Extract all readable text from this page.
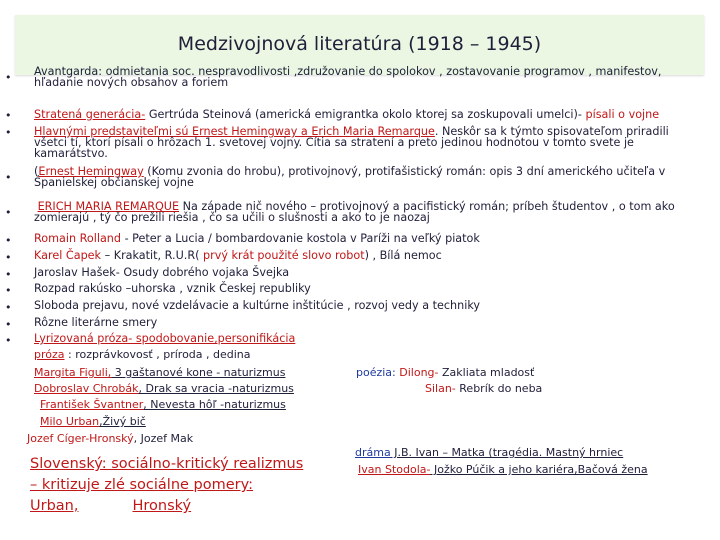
Medzivojnová literatúra (1918 – 1945)
• Avantgarda: odmietania soc. nespravodlivosti ,združovanie do spolokov , zostavovanie programov , manifestov,
hľadanie nových obsahov a foriem
• Stratená generácia- Gertrúda Steinová (americká emigrantka okolo ktorej sa zoskupovali umelci)- písali o vojne
• Hlavnými predstaviteľmi sú Ernest Hemingway a Erich Maria Remarque. Neskôr sa k týmto spisovateľom priradili
všetci tí, ktorí písali o hrôzach 1. svetovej vojny. Cítia sa stratení a preto jedinou hodnotou v tomto svete je
kamarátstvo.
• (Ernest Hemingway (Komu zvonia do hrobu), protivojnový, protifašistický román: opis 3 dní amerického učiteľa v
Španielskej občianskej vojne
•	ERICH MARIA REMARQUE Na západe nič nového – protivojnový a pacifistický román; príbeh študentov , o tom ako
zomierajú , tý čo prežili riešia , čo sa učili o slušnosti a ako to je naozaj
• Romain Rolland - Peter a Lucia / bombardovanie kostola v Paríži na veľký piatok
• Karel Čapek – Krakatit, R.U.R( prvý krát použité slovo robot) , Bílá nemoc
• Jaroslav Hašek- Osudy dobrého vojaka Švejka
• Rozpad rakúsko –uhorska , vznik Českej republiky
• Sloboda prejavu, nové vzdelávacie a kultúrne inštitúcie , rozvoj vedy a techniky
• Rôzne literárne smery
• Lyrizovaná próza- spodobovanie,personifikácia
próza : rozprávkovosť , príroda , dedina
Margita Figuli, 3 gaštanové kone - naturizmus
Dobroslav Chrobák, Drak sa vracia -naturizmus
František Švantner, Nevesta hôľ -naturizmus
Milo Urban,Živý bič
Jozef Cíger-Hronský, Jozef Mak
poézia: Dilong- Zakliata mladosť
Silan- Rebrík do neba
dráma J.B. Ivan – Matka (tragédia. Mastný hrniec
Ivan Stodola- Jožko Púčik a jeho kariéra,Bačová žena
Slovenský: sociálno-kritický realizmus
– kritizuje zlé sociálne pomery:
Urban,	Hronský
